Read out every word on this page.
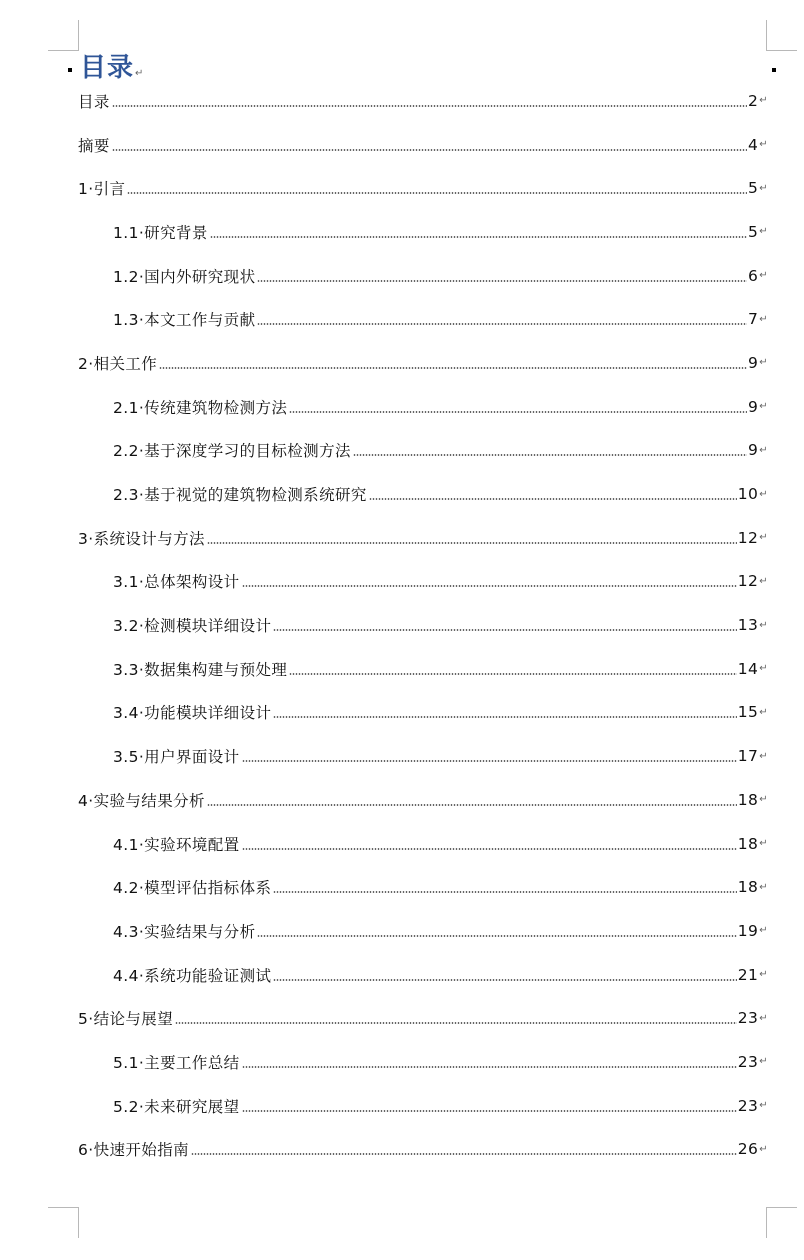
目录↵
目录	2 ↵
摘要	4 ↵
1·引言	5 ↵
1.1·研究背景	5 ↵
1.2·国内外研究现状	6 ↵
1.3·本文工作与贡献	7 ↵
2·相关工作	9 ↵
2.1·传统建筑物检测方法	9 ↵
2.2·基于深度学习的目标检测方法	9 ↵
2.3·基于视觉的建筑物检测系统研究	10 ↵
3·系统设计与方法	12 ↵
3.1·总体架构设计	12 ↵
3.2·检测模块详细设计	13 ↵
3.3·数据集构建与预处理	14 ↵
3.4·功能模块详细设计	15 ↵
3.5·用户界面设计	17 ↵
4·实验与结果分析	18 ↵
4.1·实验环境配置	18 ↵
4.2·模型评估指标体系	18 ↵
4.3·实验结果与分析	19 ↵
4.4·系统功能验证测试	21 ↵
5·结论与展望	23 ↵
5.1·主要工作总结	23 ↵
5.2·未来研究展望	23 ↵
6·快速开始指南	26 ↵
